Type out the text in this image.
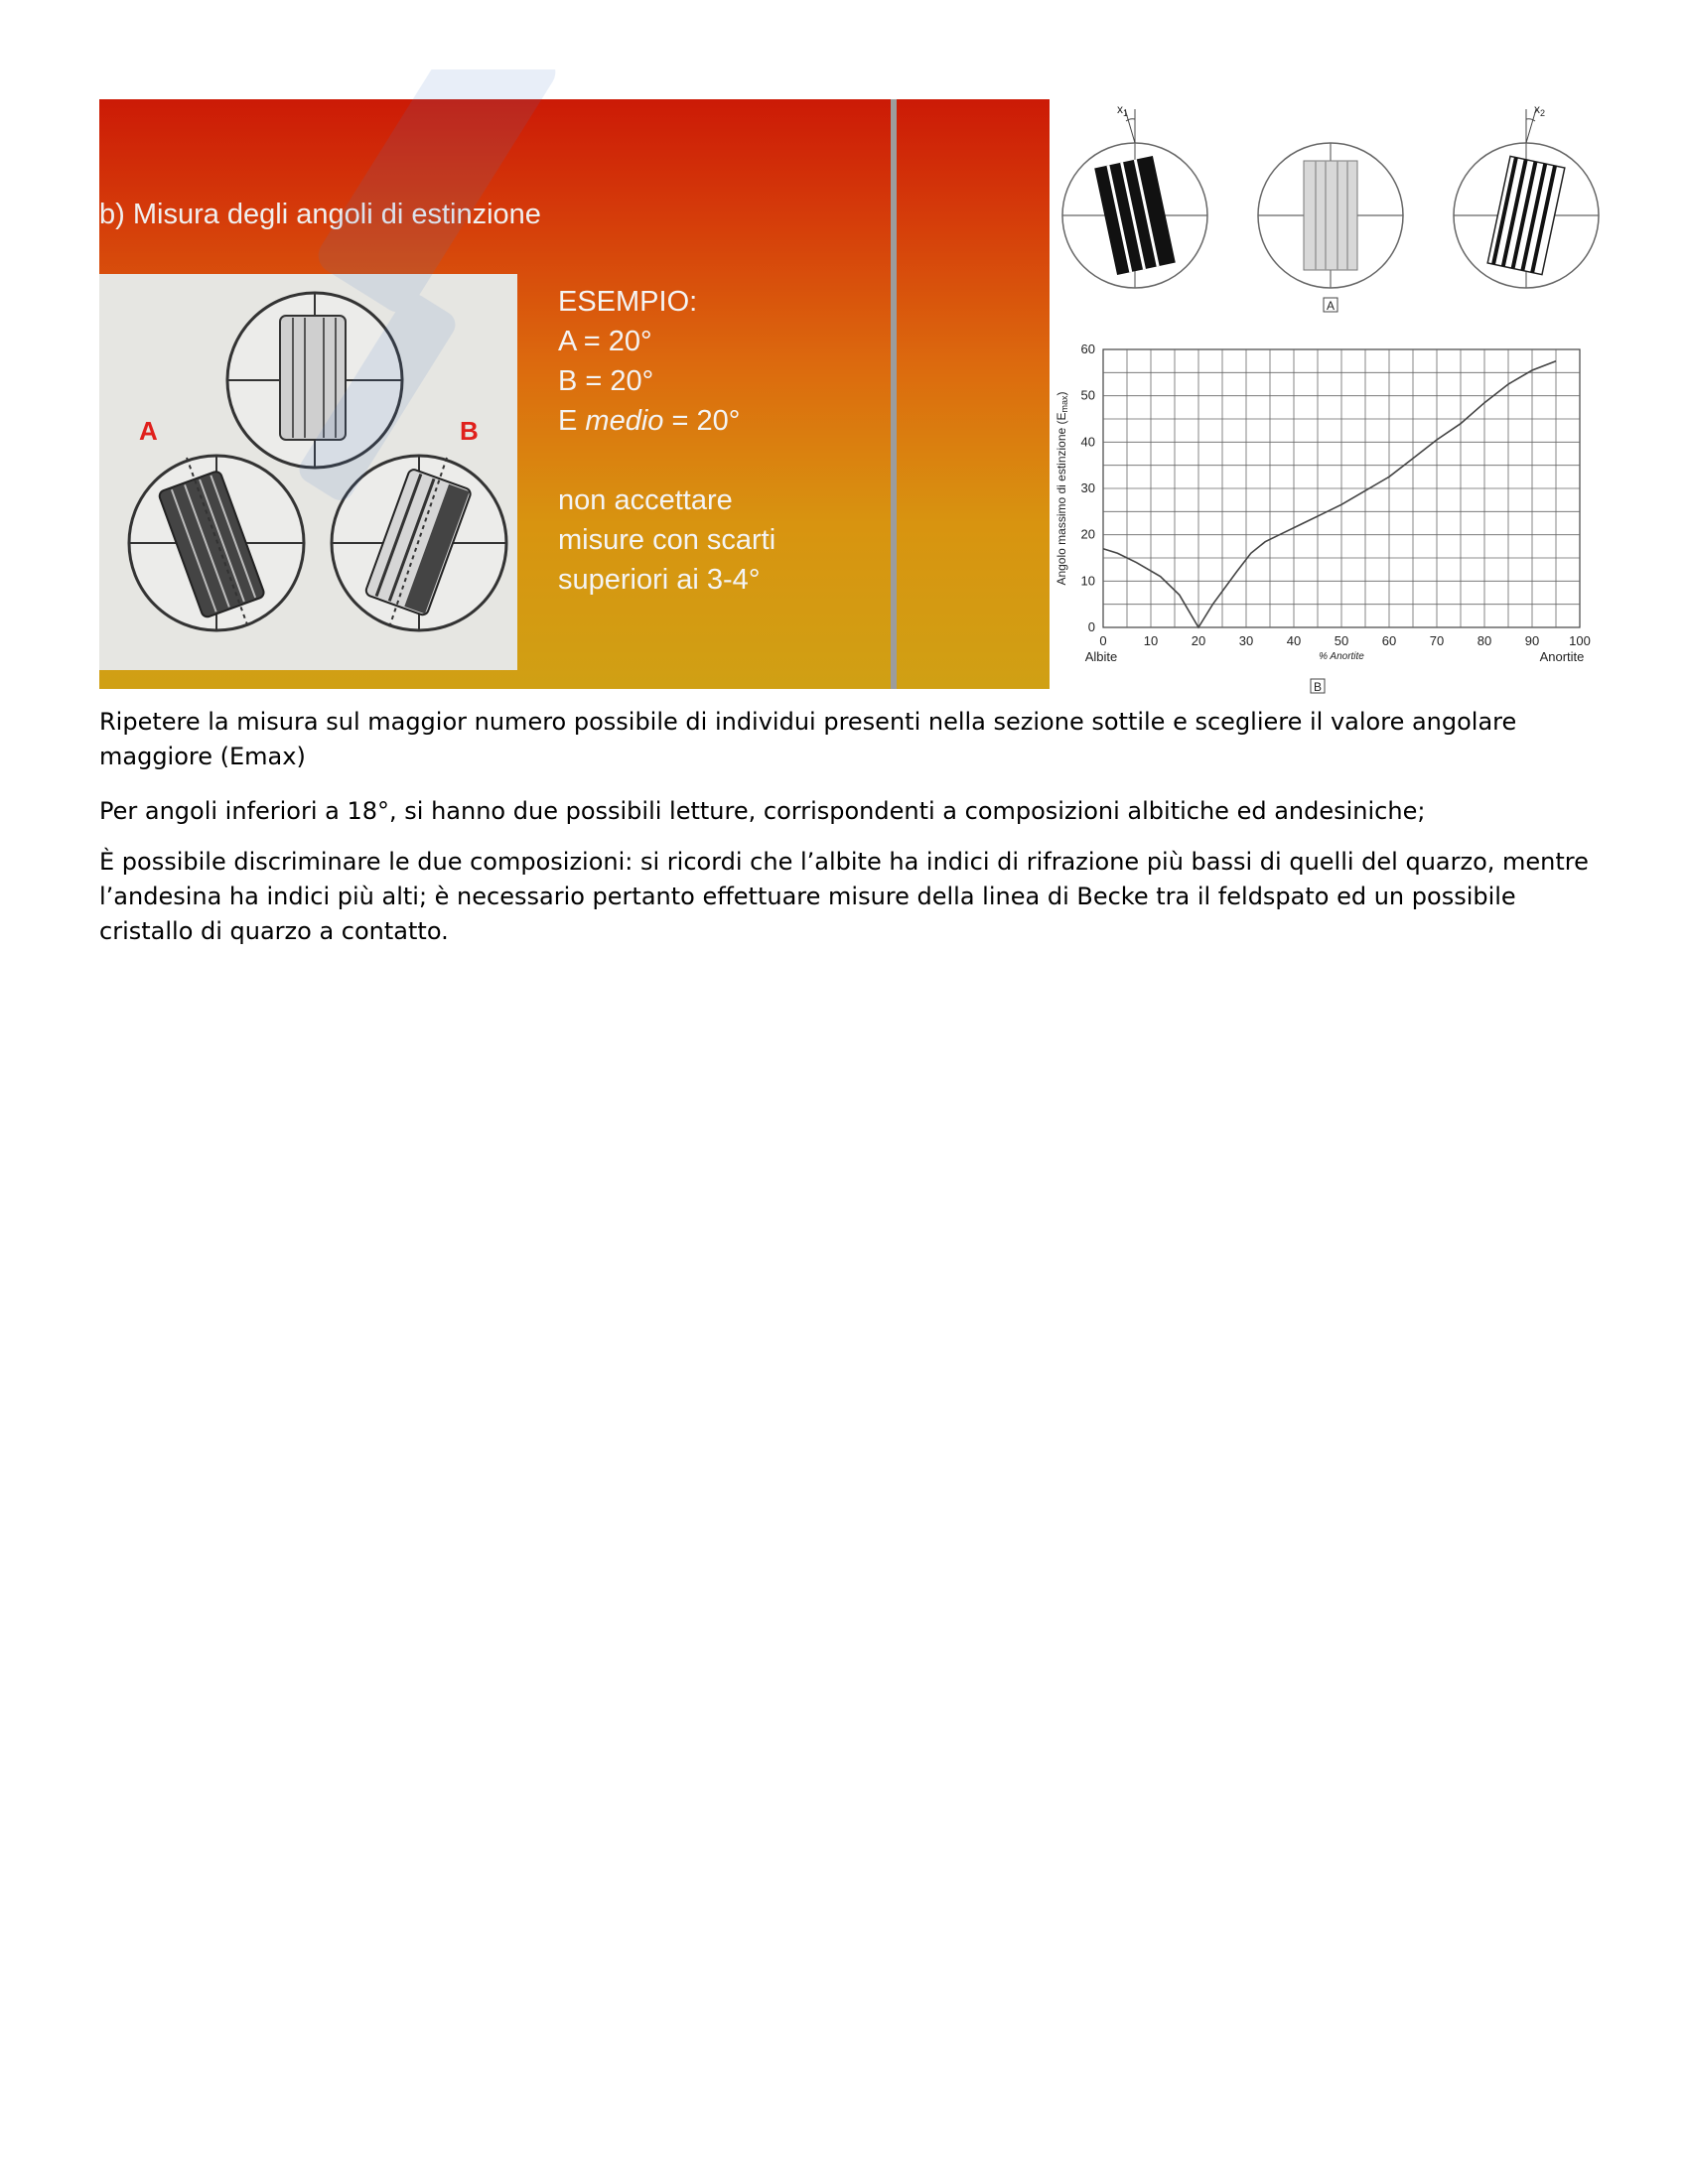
b) Misura degli angoli di estinzione
A	B
ESEMPIO:
A = 20°
B = 20°
E medio = 20°
non accettare
misure con scarti
superiori ai 3-4°
$x_1$	$x_2$
A
0	10	20	30	40	50	60	70	80	90 100
0
10
20
30
40
50
60
Angolo massimo di estinzione (Emax)
% Anortite
Albite	Anortite
B

Ripetere la misura sul maggior numero possibile di individui presenti nella sezione sottile e scegliere il valore angolare maggiore (Emax)

Per angoli inferiori a 18°, si hanno due possibili letture, corrispondenti a composizioni albitiche ed andesiniche;

È possibile discriminare le due composizioni: si ricordi che l’albite ha indici di rifrazione più bassi di quelli del quarzo, mentre l’andesina ha indici più alti; è necessario pertanto effettuare misure della linea di Becke tra il feldspato ed un possibile cristallo di quarzo a contatto.
